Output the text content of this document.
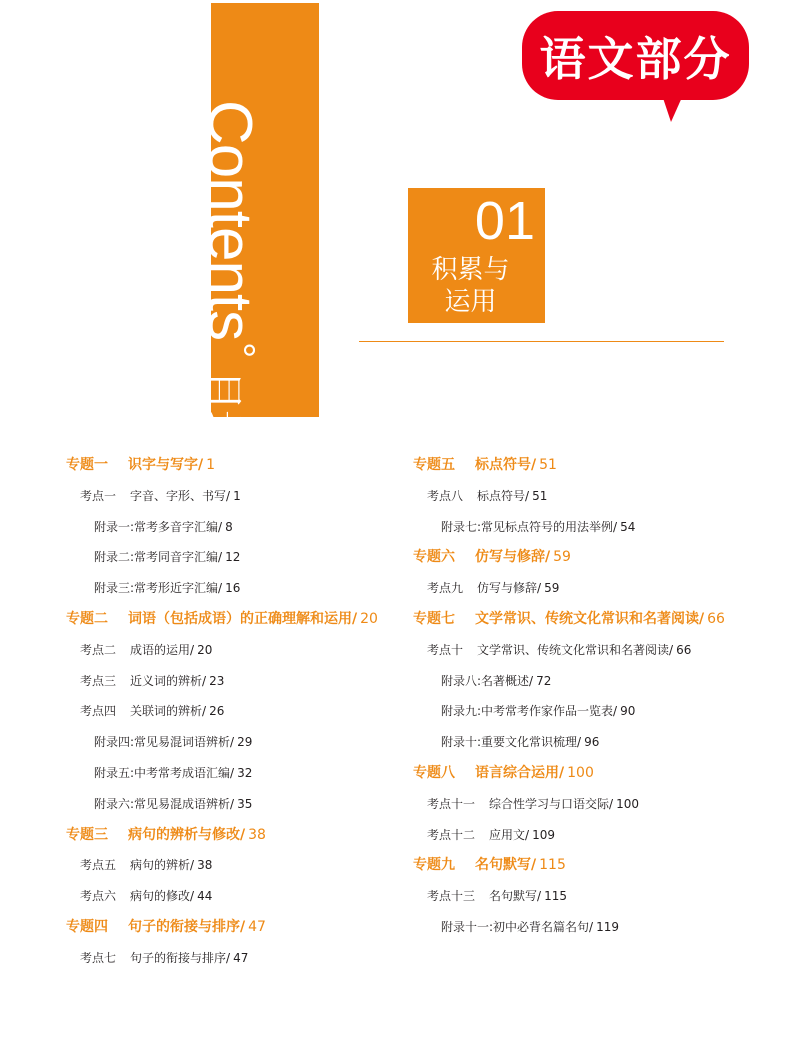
Contents
°
目录
语文部分
01
积累与
运用
专题一 识字与写字/ 1
考点一 字音、字形、书写/ 1
附录一:常考多音字汇编/ 8
附录二:常考同音字汇编/ 12
附录三:常考形近字汇编/ 16
专题二 词语（包括成语）的正确理解和运用/ 20
考点二 成语的运用/ 20
考点三 近义词的辨析/ 23
考点四 关联词的辨析/ 26
附录四:常见易混词语辨析/ 29
附录五:中考常考成语汇编/ 32
附录六:常见易混成语辨析/ 35
专题三 病句的辨析与修改/ 38
考点五 病句的辨析/ 38
考点六 病句的修改/ 44
专题四 句子的衔接与排序/ 47
考点七 句子的衔接与排序/ 47
专题五 标点符号/ 51
考点八 标点符号/ 51
附录七:常见标点符号的用法举例/ 54
专题六 仿写与修辞/ 59
考点九 仿写与修辞/ 59
专题七 文学常识、传统文化常识和名著阅读/ 66
考点十 文学常识、传统文化常识和名著阅读/ 66
附录八:名著概述/ 72
附录九:中考常考作家作品一览表/ 90
附录十:重要文化常识梳理/ 96
专题八 语言综合运用/ 100
考点十一 综合性学习与口语交际/ 100
考点十二 应用文/ 109
专题九 名句默写/ 115
考点十三 名句默写/ 115
附录十一:初中必背名篇名句/ 119
